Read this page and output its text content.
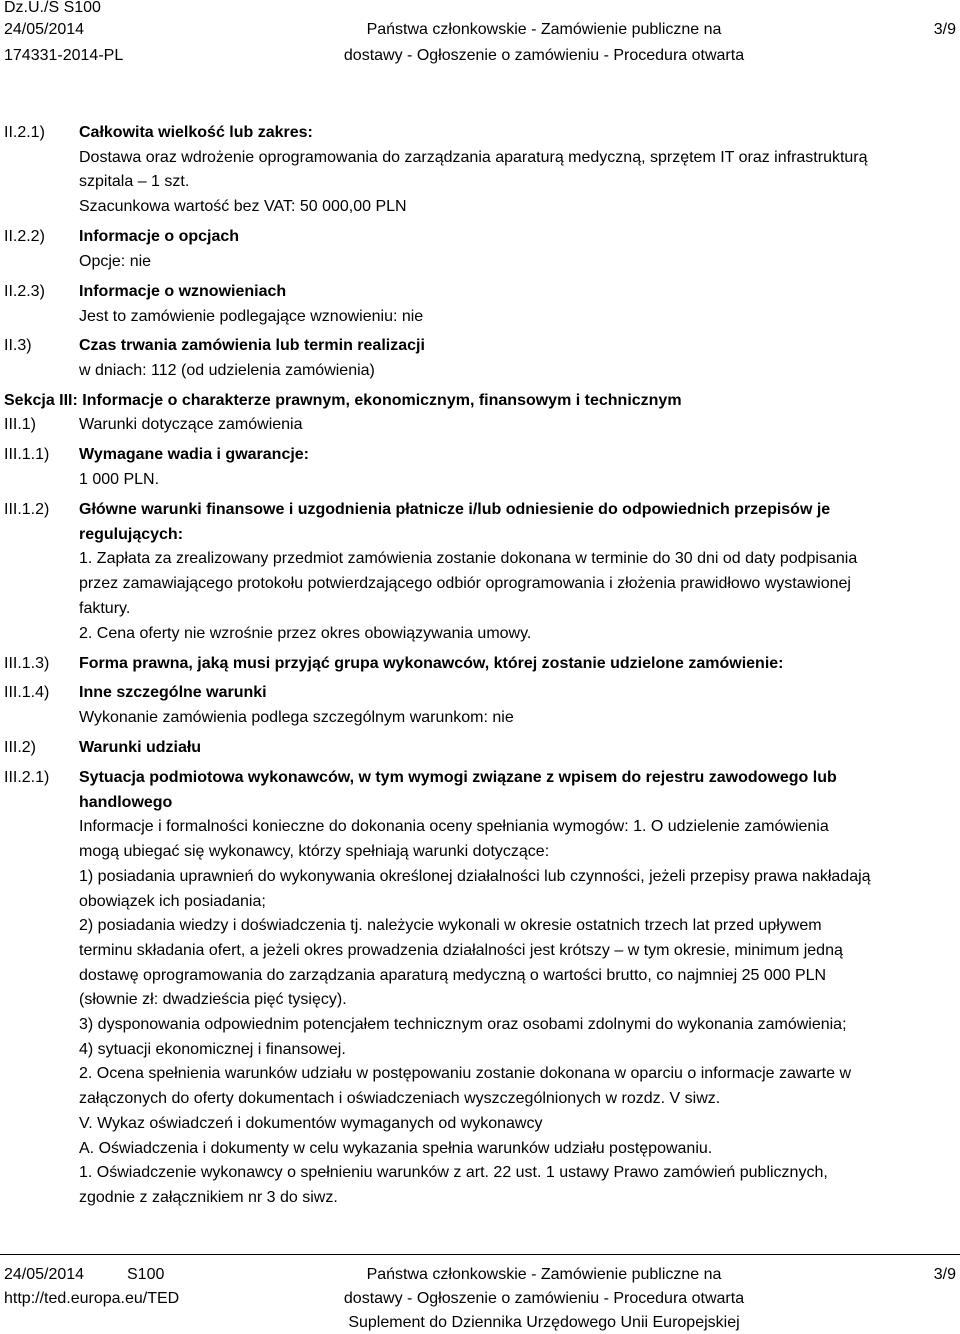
Dz.U./S S100
24/05/2014
174331-2014-PL
Państwa członkowskie - Zamówienie publiczne na
dostawy - Ogłoszenie o zamówieniu - Procedura otwarta
3/9
II.2.1)
II.2.2)
II.2.3)
II.3)
III.1)
III.1.1)
III.1.2)
III.1.3)
III.1.4)
III.2)
III.2.1)

Całkowita wielkość lub zakres:

Dostawa oraz wdrożenie oprogramowania do zarządzania aparaturą medyczną, sprzętem IT oraz infrastrukturą

szpitala – 1 szt.

Szacunkowa wartość bez VAT: 50 000,00 PLN

Informacje o opcjach

Opcje: nie

Informacje o wznowieniach

Jest to zamówienie podlegające wznowieniu: nie

Czas trwania zamówienia lub termin realizacji

w dniach: 112 (od udzielenia zamówienia)

Sekcja III: Informacje o charakterze prawnym, ekonomicznym, finansowym i technicznym

Warunki dotyczące zamówienia

Wymagane wadia i gwarancje:

1 000 PLN.

Główne warunki finansowe i uzgodnienia płatnicze i/lub odniesienie do odpowiednich przepisów je

regulujących:

1. Zapłata za zrealizowany przedmiot zamówienia zostanie dokonana w terminie do 30 dni od daty podpisania

przez zamawiającego protokołu potwierdzającego odbiór oprogramowania i złożenia prawidłowo wystawionej

faktury.

2. Cena oferty nie wzrośnie przez okres obowiązywania umowy.

Forma prawna, jaką musi przyjąć grupa wykonawców, której zostanie udzielone zamówienie:

Inne szczególne warunki

Wykonanie zamówienia podlega szczególnym warunkom: nie

Warunki udziału

Sytuacja podmiotowa wykonawców, w tym wymogi związane z wpisem do rejestru zawodowego lub

handlowego

Informacje i formalności konieczne do dokonania oceny spełniania wymogów: 1. O udzielenie zamówienia

mogą ubiegać się wykonawcy, którzy spełniają warunki dotyczące:

1) posiadania uprawnień do wykonywania określonej działalności lub czynności, jeżeli przepisy prawa nakładają

obowiązek ich posiadania;

2) posiadania wiedzy i doświadczenia tj. należycie wykonali w okresie ostatnich trzech lat przed upływem

terminu składania ofert, a jeżeli okres prowadzenia działalności jest krótszy – w tym okresie, minimum jedną

dostawę oprogramowania do zarządzania aparaturą medyczną o wartości brutto, co najmniej 25 000 PLN

(słownie zł: dwadzieścia pięć tysięcy).

3) dysponowania odpowiednim potencjałem technicznym oraz osobami zdolnymi do wykonania zamówienia;

4) sytuacji ekonomicznej i finansowej.

2. Ocena spełnienia warunków udziału w postępowaniu zostanie dokonana w oparciu o informacje zawarte w

załączonych do oferty dokumentach i oświadczeniach wyszczególnionych w rozdz. V siwz.

V. Wykaz oświadczeń i dokumentów wymaganych od wykonawcy

A. Oświadczenia i dokumenty w celu wykazania spełnia warunków udziału postępowaniu.

1. Oświadczenie wykonawcy o spełnieniu warunków z art. 22 ust. 1 ustawy Prawo zamówień publicznych,

zgodnie z załącznikiem nr 3 do siwz.

24/05/2014	S100
http://ted.europa.eu/TED
Państwa członkowskie - Zamówienie publiczne na
dostawy - Ogłoszenie o zamówieniu - Procedura otwarta
Suplement do Dziennika Urzędowego Unii Europejskiej
3/9
